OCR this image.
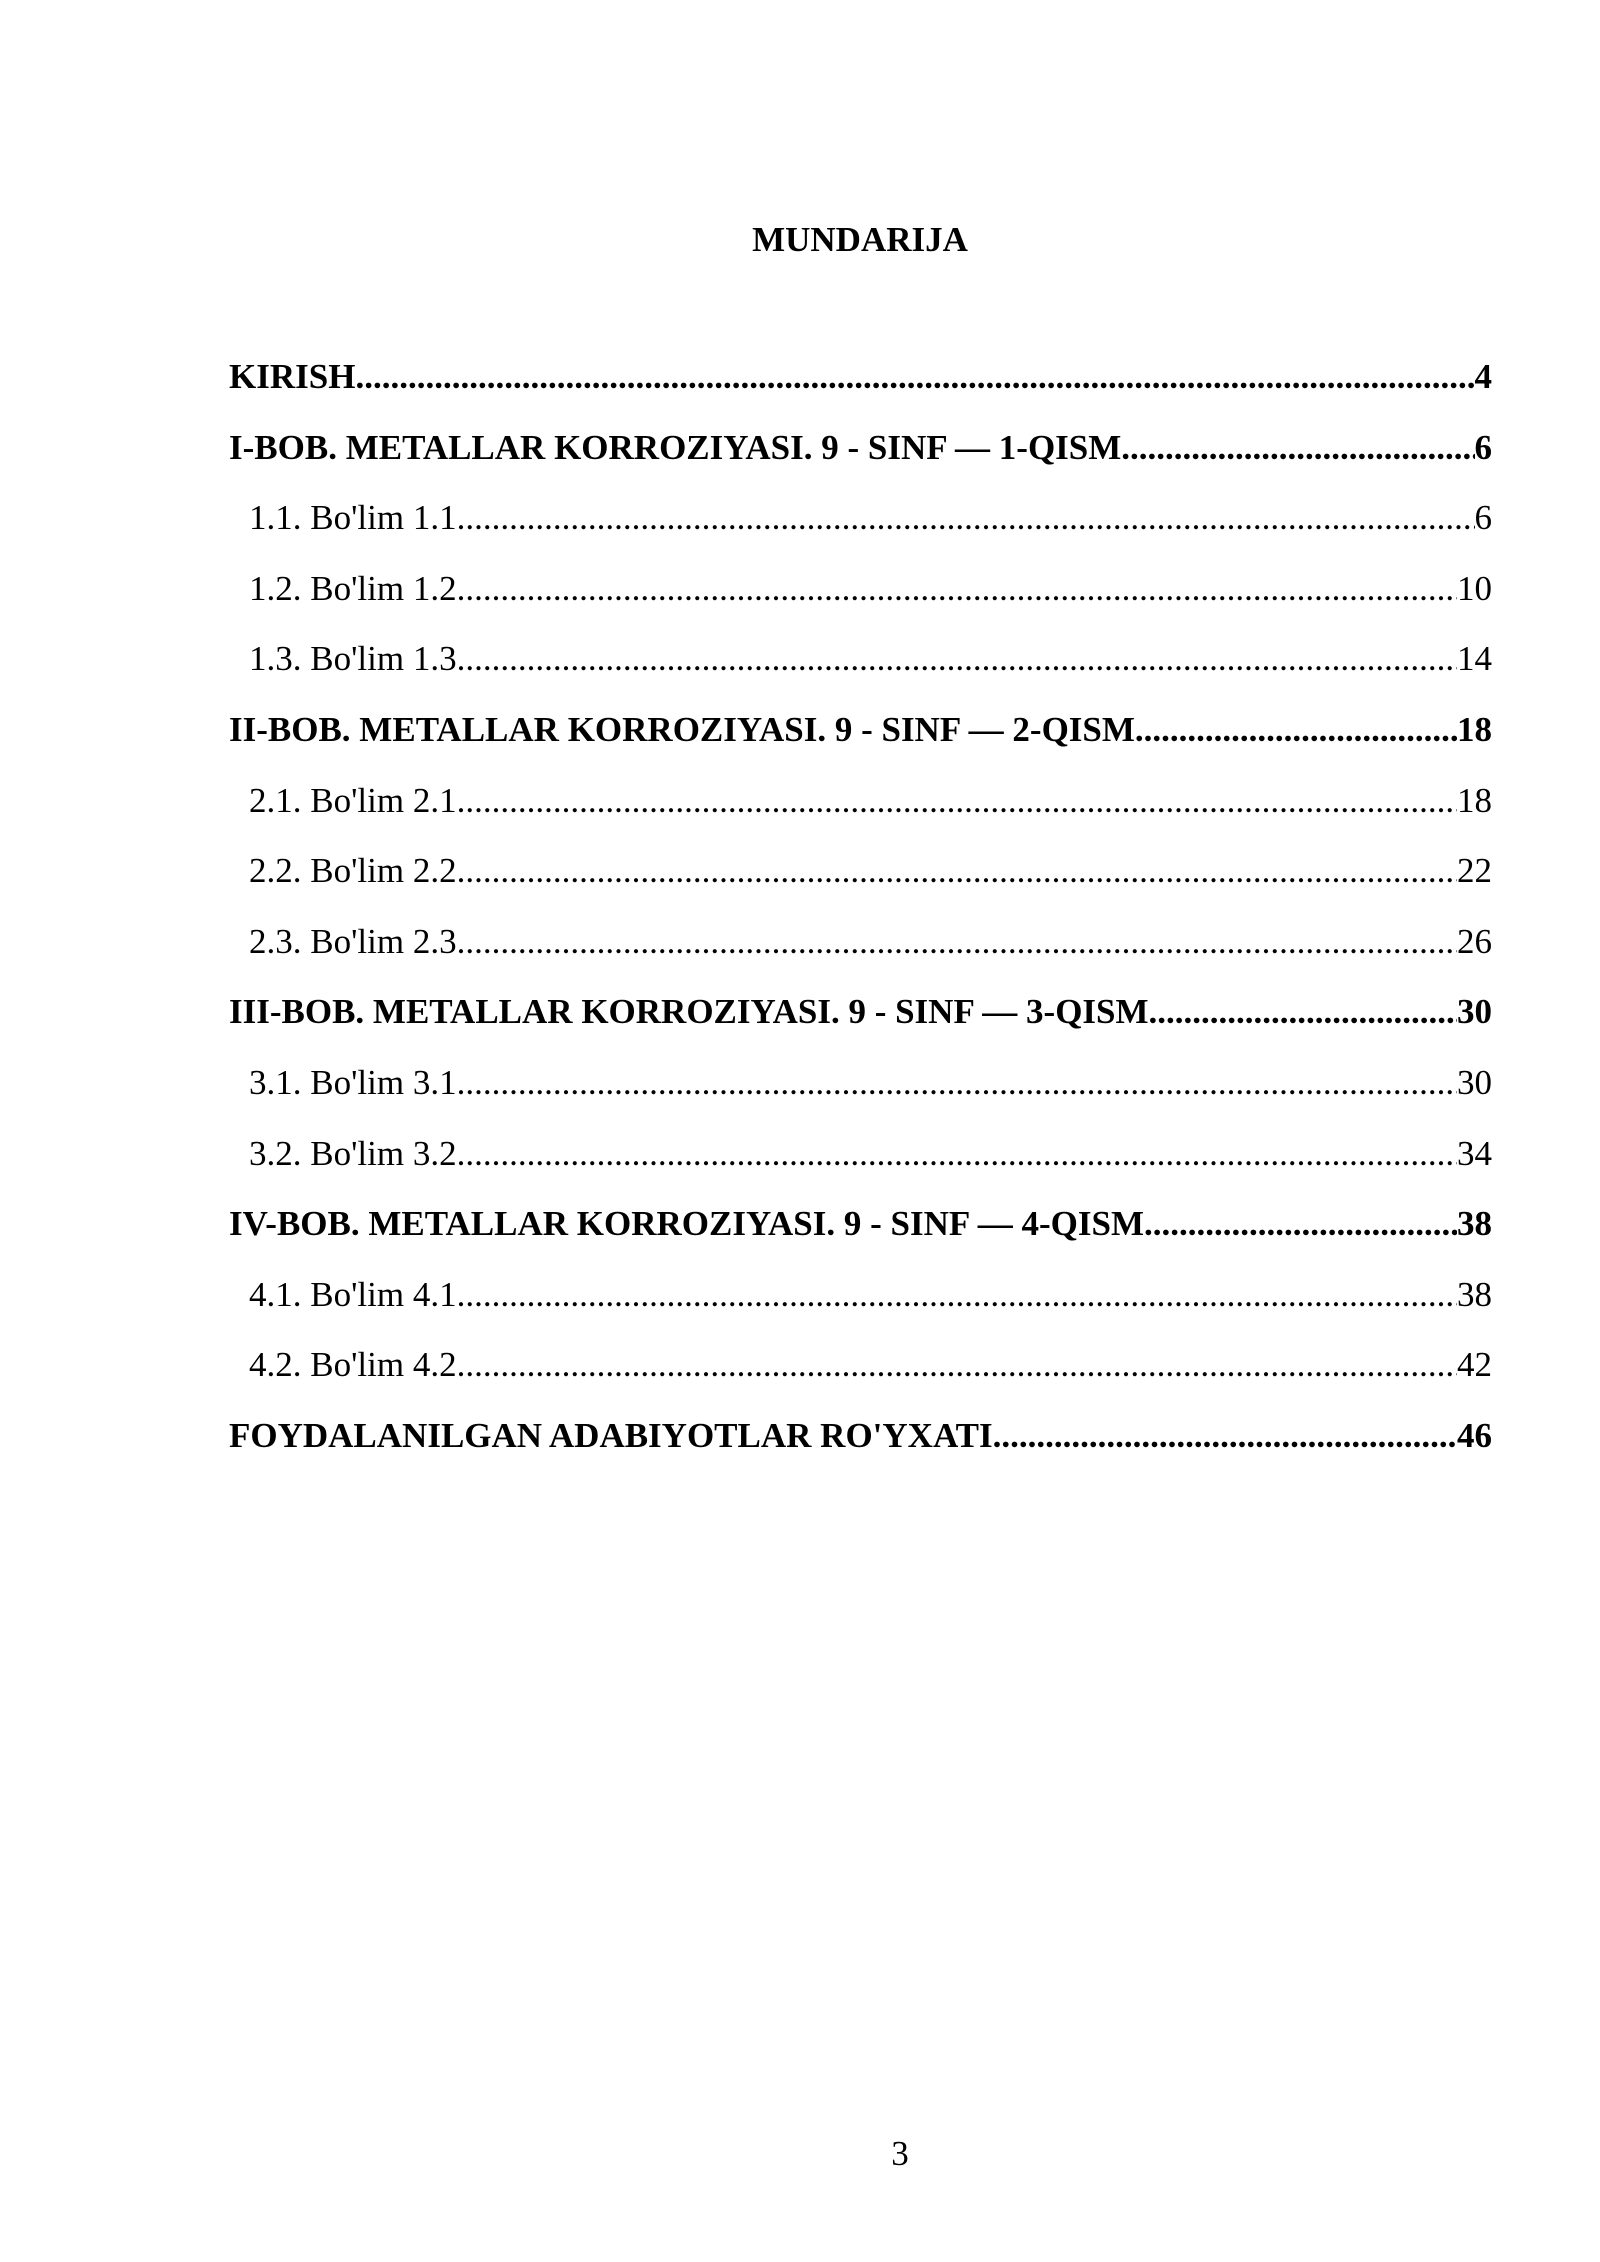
MUNDARIJA
KIRISH .....	4
I-BOB. METALLAR KORROZIYASI. 9 - SINF — 1-QISM .....	6
1.1. Bo'lim 1.1 .....	6
1.2. Bo'lim 1.2 .....	10
1.3. Bo'lim 1.3 .....	14
II-BOB. METALLAR KORROZIYASI. 9 - SINF — 2-QISM .....	18
2.1. Bo'lim 2.1 .....	18
2.2. Bo'lim 2.2 .....	22
2.3. Bo'lim 2.3 .....	26
III-BOB. METALLAR KORROZIYASI. 9 - SINF — 3-QISM .....	30
3.1. Bo'lim 3.1 .....	30
3.2. Bo'lim 3.2 .....	34
IV-BOB. METALLAR KORROZIYASI. 9 - SINF — 4-QISM .....	38
4.1. Bo'lim 4.1 .....	38
4.2. Bo'lim 4.2 .....	42
FOYDALANILGAN ADABIYOTLAR RO'YXATI .....	46
3
